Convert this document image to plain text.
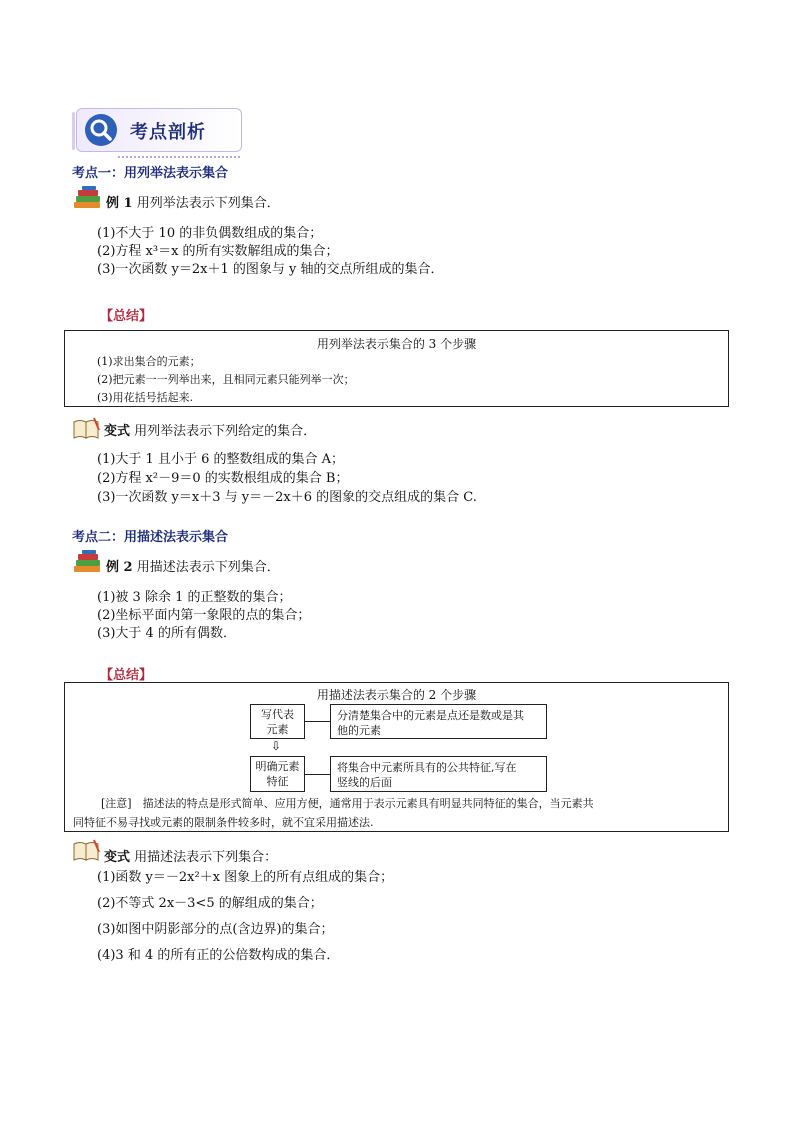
考点剖析
考点一：用列举法表示集合
例 1 用列举法表示下列集合．
(1)不大于 10 的非负偶数组成的集合；
(2)方程 x³＝x 的所有实数解组成的集合；
(3)一次函数 y＝2x＋1 的图象与 y 轴的交点所组成的集合．
【总结】
用列举法表示集合的 3 个步骤
(1)求出集合的元素；
(2)把元素一一列举出来，且相同元素只能列举一次；
(3)用花括号括起来.
变式 用列举法表示下列给定的集合．
(1)大于 1 且小于 6 的整数组成的集合 A；
(2)方程 x²－9＝0 的实数根组成的集合 B；
(3)一次函数 y＝x＋3 与 y＝－2x＋6 的图象的交点组成的集合 C.
考点二：用描述法表示集合
例 2 用描述法表示下列集合．
(1)被 3 除余 1 的正整数的集合；
(2)坐标平面内第一象限的点的集合；
(3)大于 4 的所有偶数．
【总结】
用描述法表示集合的 2 个步骤
写代表
元素
分清楚集合中的元素是点还是数或是其
他的元素
⇩
明确元素
特征
将集合中元素所具有的公共特征,写在
竖线的后面
[注意]　描述法的特点是形式简单、应用方便，通常用于表示元素具有明显共同特征的集合，当元素共
同特征不易寻找或元素的限制条件较多时，就不宜采用描述法.
变式 用描述法表示下列集合：
(1)函数 y＝－2x²＋x 图象上的所有点组成的集合；
(2)不等式 2x－3<5 的解组成的集合；
(3)如图中阴影部分的点(含边界)的集合；
(4)3 和 4 的所有正的公倍数构成的集合．
